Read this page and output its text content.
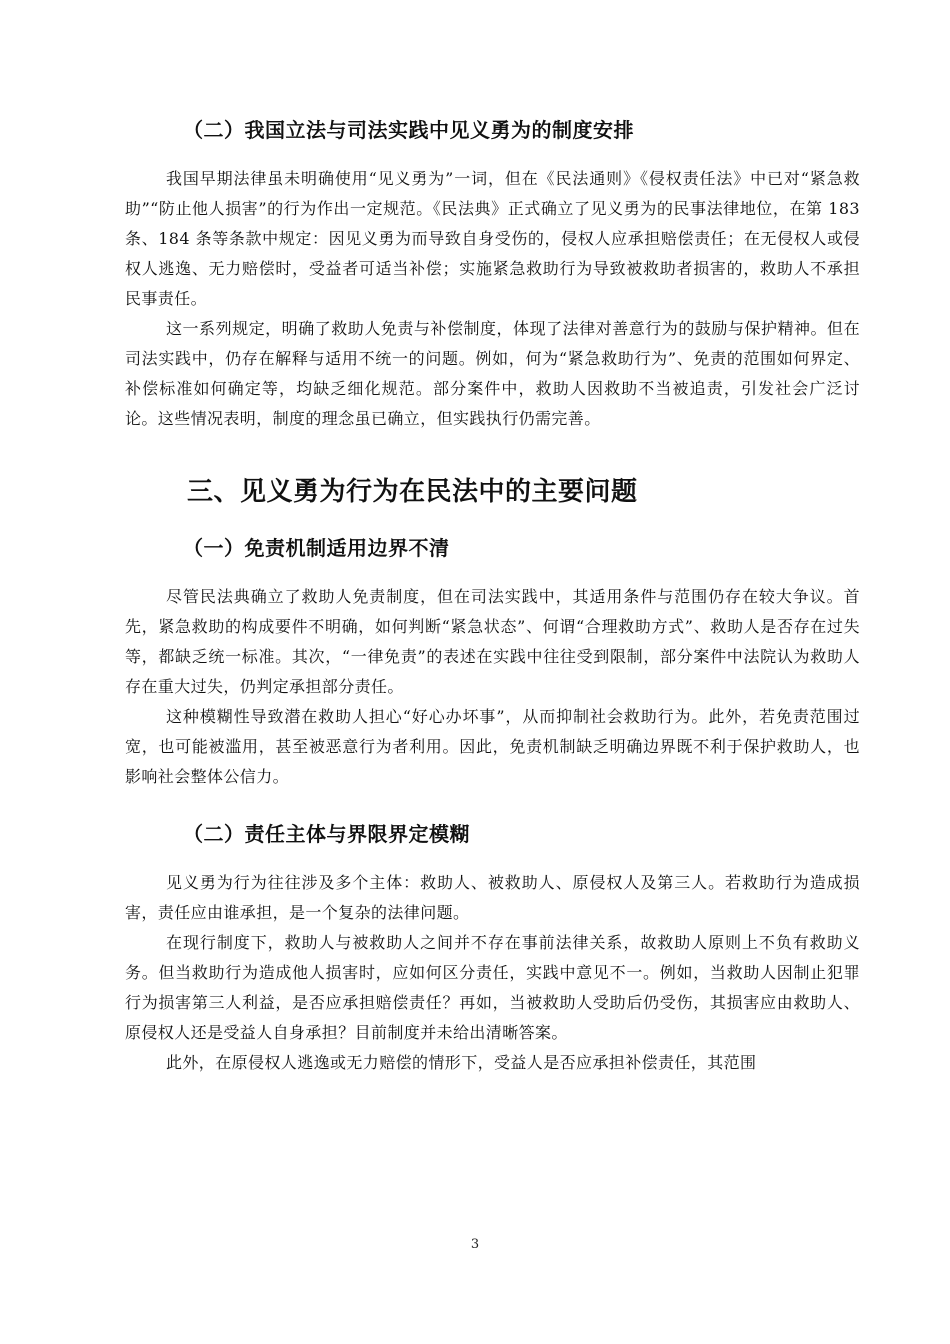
（二）我国立法与司法实践中见义勇为的制度安排

我国早期法律虽未明确使用“见义勇为”一词，但在《民法通则》《侵权责任法》中已对“紧急救助”“防止他人损害”的行为作出一定规范。《民法典》正式确立了见义勇为的民事法律地位，在第 183 条、184 条等条款中规定：因见义勇为而导致自身受伤的，侵权人应承担赔偿责任；在无侵权人或侵权人逃逸、无力赔偿时，受益者可适当补偿；实施紧急救助行为导致被救助者损害的，救助人不承担民事责任。

这一系列规定，明确了救助人免责与补偿制度，体现了法律对善意行为的鼓励与保护精神。但在司法实践中，仍存在解释与适用不统一的问题。例如，何为“紧急救助行为”、免责的范围如何界定、补偿标准如何确定等，均缺乏细化规范。部分案件中，救助人因救助不当被追责，引发社会广泛讨论。这些情况表明，制度的理念虽已确立，但实践执行仍需完善。

三、见义勇为行为在民法中的主要问题
（一）免责机制适用边界不清

尽管民法典确立了救助人免责制度，但在司法实践中，其适用条件与范围仍存在较大争议。首先，紧急救助的构成要件不明确，如何判断“紧急状态”、何谓“合理救助方式”、救助人是否存在过失等，都缺乏统一标准。其次，“一律免责”的表述在实践中往往受到限制，部分案件中法院认为救助人存在重大过失，仍判定承担部分责任。

这种模糊性导致潜在救助人担心“好心办坏事”，从而抑制社会救助行为。此外，若免责范围过宽，也可能被滥用，甚至被恶意行为者利用。因此，免责机制缺乏明确边界既不利于保护救助人，也影响社会整体公信力。

（二）责任主体与界限界定模糊

见义勇为行为往往涉及多个主体：救助人、被救助人、原侵权人及第三人。若救助行为造成损害，责任应由谁承担，是一个复杂的法律问题。

在现行制度下，救助人与被救助人之间并不存在事前法律关系，故救助人原则上不负有救助义务。但当救助行为造成他人损害时，应如何区分责任，实践中意见不一。例如，当救助人因制止犯罪行为损害第三人利益，是否应承担赔偿责任？再如，当被救助人受助后仍受伤，其损害应由救助人、原侵权人还是受益人自身承担？目前制度并未给出清晰答案。

此外，在原侵权人逃逸或无力赔偿的情形下，受益人是否应承担补偿责任，其范围

3
